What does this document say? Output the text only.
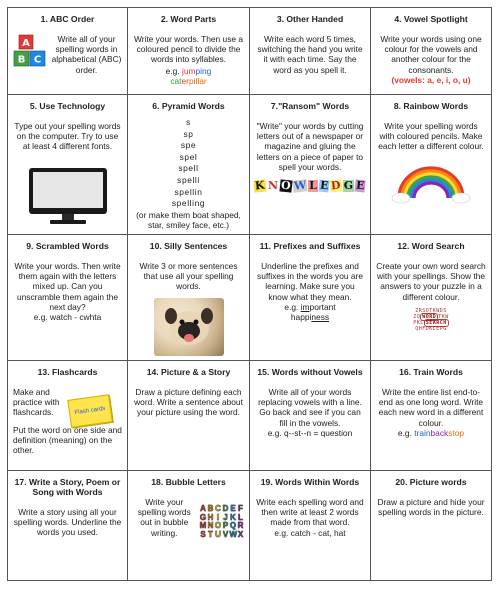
1. ABC Order
A
B C
Write all of your spelling words in alphabetical (ABC) order.
2. Word Parts
Write your words. Then use a coloured pencil to divide the words into syllables.
e.g. jumping
caterpillar
3. Other Handed
Write each word 5 times, switching the hand you write it with each time. Say the word as you spell it.
4. Vowel Spotlight
Write your words using one colour for the vowels and another colour for the consonants.
(vowels: a, e, i, o, u)
5. Use Technology
Type out your spelling words on the computer. Try to use at least 4 different fonts.
6. Pyramid Words
s
sp
spe
spel
spell
spelli
spellin
spelling
(or make them boat shaped, star, smiley face, etc.)
7."Ransom" Words
"Write" your words by cutting letters out of a newspaper or magazine and gluing the letters on a piece of paper to spell your words.
K N O W L E D G E
8. Rainbow Words
Write your spelling words with coloured pencils. Make each letter a different colour.
9. Scrambled Words
Write your words. Then write them again with the letters mixed up. Can you unscramble them again the next day?
e.g. watch - cwhta
10. Silly Sentences
Write 3 or more sentences that use all your spelling words.
11. Prefixes and Suffixes
Underline the prefixes and suffixes in the words you are learning. Make sure you know what they mean.
e.g. important
happiness
12. Word Search
Create your own word search with your spellings. Show the answers to your puzzle in a different colour.
ZRSOTKWDS
ZQ WORD TKW
PKL SEARCH
QHFDKLEPG
13. Flashcards
Make and practice with flashcards.	Flash cards
Put the word on one side and definition (meaning) on the other.
14. Picture & a Story
Draw a picture defining each word. Write a sentence about your picture using the word.
15. Words without Vowels
Write all of your words replacing vowels with a line. Go back and see if you can fill in the vowels.
e.g. q--st--n = question
16. Train Words
Write the entire list end-to-end as one long word. Write each new word in a different colour.
e.g. trainbackstop
17. Write a Story, Poem or Song with Words
Write a story using all your spelling words. Underline the words you used.
18. Bubble Letters
Write your spelling words out in bubble writing.
A B C D E F
G H I J K L
M N O P Q R
S T U V W X
19. Words Within Words
Write each spelling word and then write at least 2 words made from that word.
e.g. catch - cat, hat
20. Picture words
Draw a picture and hide your spelling words in the picture.
